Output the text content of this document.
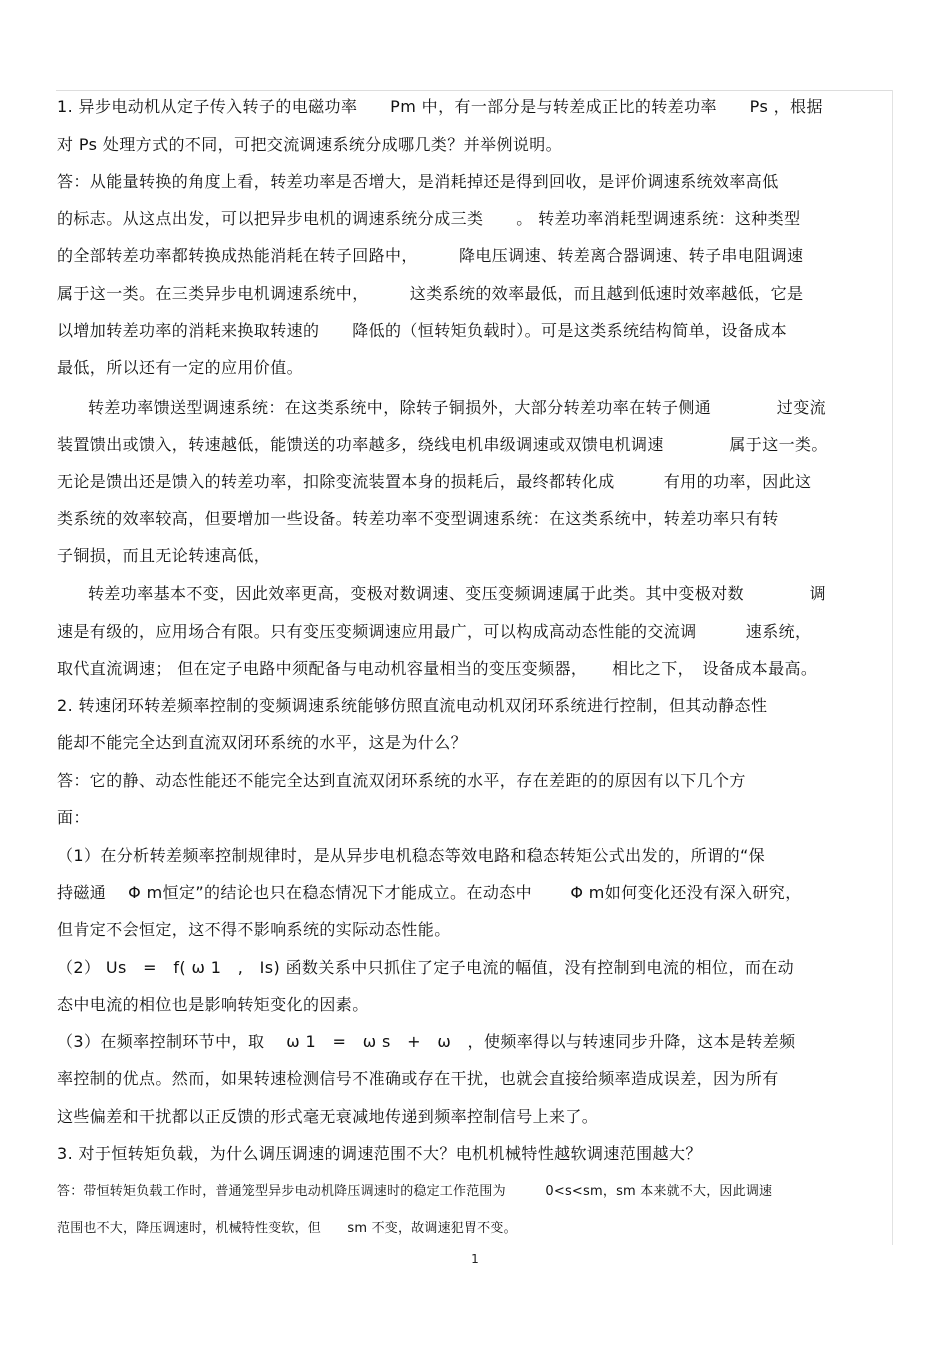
1. 异步电动机从定子传入转子的电磁功率　　Pm 中，有一部分是与转差成正比的转差功率　　Ps ，根据
对 Ps 处理方式的不同，可把交流调速系统分成哪几类？并举例说明。
答：从能量转换的角度上看，转差功率是否增大，是消耗掉还是得到回收，是评价调速系统效率高低
的标志。从这点出发，可以把异步电机的调速系统分成三类　　。 转差功率消耗型调速系统：这种类型
的全部转差功率都转换成热能消耗在转子回路中，　　　降电压调速、转差离合器调速、转子串电阻调速
属于这一类。在三类异步电机调速系统中，　　　这类系统的效率最低，而且越到低速时效率越低，它是
以增加转差功率的消耗来换取转速的　　降低的（恒转矩负载时）。可是这类系统结构简单，设备成本
最低，所以还有一定的应用价值。
转差功率馈送型调速系统：在这类系统中，除转子铜损外，大部分转差功率在转子侧通　　　　过变流
装置馈出或馈入，转速越低，能馈送的功率越多，绕线电机串级调速或双馈电机调速　　　　属于这一类。
无论是馈出还是馈入的转差功率，扣除变流装置本身的损耗后，最终都转化成　　　有用的功率，因此这
类系统的效率较高，但要增加一些设备。转差功率不变型调速系统：在这类系统中，转差功率只有转
子铜损，而且无论转速高低，
转差功率基本不变，因此效率更高，变极对数调速、变压变频调速属于此类。其中变极对数　　　　调
速是有级的，应用场合有限。只有变压变频调速应用最广，可以构成高动态性能的交流调　　　速系统，
取代直流调速； 但在定子电路中须配备与电动机容量相当的变压变频器，　　相比之下，　设备成本最高。
2. 转速闭环转差频率控制的变频调速系统能够仿照直流电动机双闭环系统进行控制，但其动静态性
能却不能完全达到直流双闭环系统的水平，这是为什么？
答：它的静、动态性能还不能完全达到直流双闭环系统的水平，存在差距的的原因有以下几个方
面：
（1）在分析转差频率控制规律时，是从异步电机稳态等效电路和稳态转矩公式出发的，所谓的“保
持磁通　 Φ m恒定”的结论也只在稳态情况下才能成立。在动态中　　 Φ m如何变化还没有深入研究，
但肯定不会恒定，这不得不影响系统的实际动态性能。
（2） Us　=　f( ω 1　,　Is) 函数关系中只抓住了定子电流的幅值，没有控制到电流的相位，而在动
态中电流的相位也是影响转矩变化的因素。
（3）在频率控制环节中，取　 ω 1　=　ω s　+　ω　，使频率得以与转速同步升降，这本是转差频
率控制的优点。然而，如果转速检测信号不准确或存在干扰，也就会直接给频率造成误差，因为所有
这些偏差和干扰都以正反馈的形式毫无衰减地传递到频率控制信号上来了。
3. 对于恒转矩负载，为什么调压调速的调速范围不大？电机机械特性越软调速范围越大？
答：带恒转矩负载工作时，普通笼型异步电动机降压调速时的稳定工作范围为　　　0<s<sm，sm 本来就不大，因此调速
范围也不大，降压调速时，机械特性变软，但　　sm 不变，故调速犯胃不变。
1
